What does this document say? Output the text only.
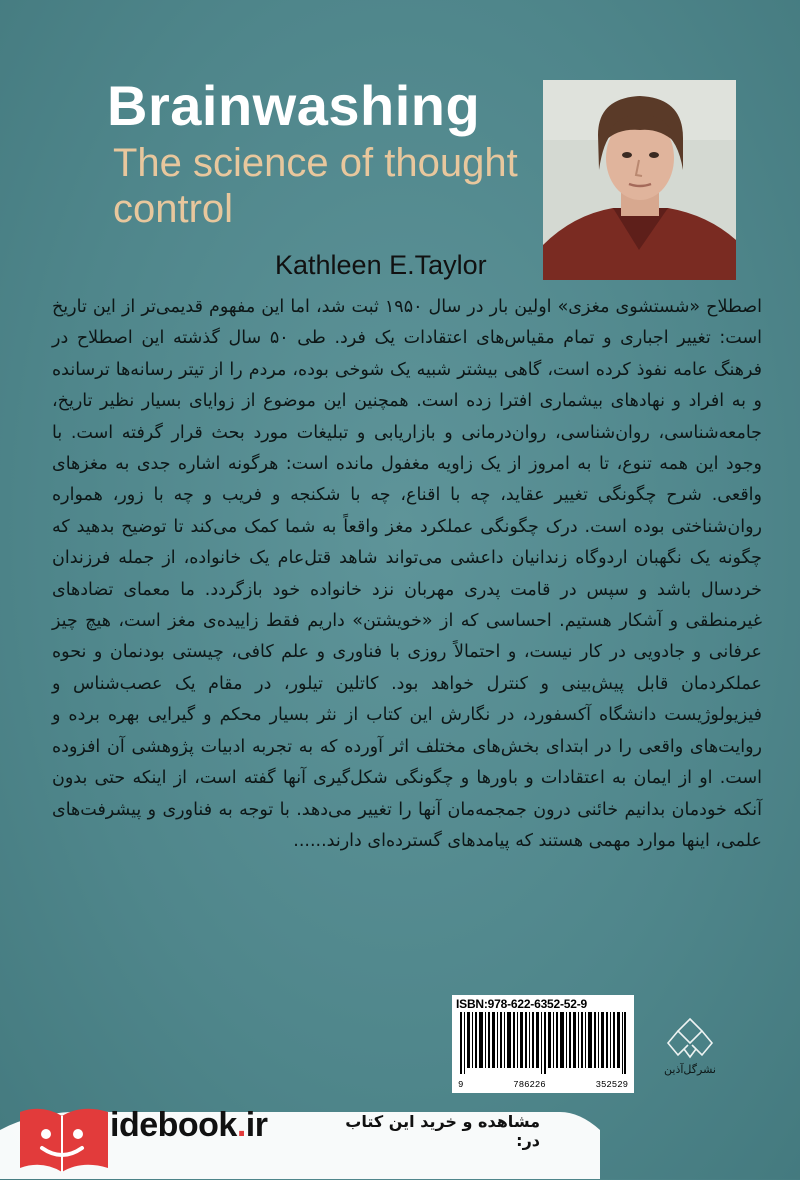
Brainwashing

The science of thought control

Kathleen E.Taylor

اصطلاح «شستشوی مغزی» اولین بار در سال ۱۹۵۰ ثبت شد، اما این مفهوم قدیمی‌تر از این تاریخ است: تغییر اجباری و تمام مقیاس‌های اعتقادات یک فرد. طی ۵۰ سال گذشته این اصطلاح در فرهنگ عامه نفوذ کرده است، گاهی بیشتر شبیه یک شوخی بوده، مردم را از تیتر رسانه‌ها ترسانده و به افراد و نهادهای بیشماری افترا زده است. همچنین این موضوع از زوایای بسیار نظیر تاریخ، جامعه‌شناسی، روان‌شناسی، روان‌درمانی و بازاریابی و تبلیغات مورد بحث قرار گرفته است. با وجود این همه تنوع، تا به امروز از یک زاویه مغفول مانده است: هرگونه اشاره جدی به مغزهای واقعی. شرح چگونگی تغییر عقاید، چه با اقناع، چه با شکنجه و فریب و چه با زور، همواره روان‌شناختی بوده است. درک چگونگی عملکرد مغز واقعاً به شما کمک می‌کند تا توضیح بدهید که چگونه یک نگهبان اردوگاه زندانیان داعشی می‌تواند شاهد قتل‌عام یک خانواده، از جمله فرزندان خردسال باشد و سپس در قامت پدری مهربان نزد خانواده خود بازگردد. ما معمای تضادهای غیرمنطقی و آشکار هستیم. احساسی که از «خویشتن» داریم فقط زاییده‌ی مغز است، هیچ چیز عرفانی و جادویی در کار نیست، و احتمالاً روزی با فناوری و علم کافی، چیستی بودنمان و نحوه عملکردمان قابل پیش‌بینی و کنترل خواهد بود. کاتلین تیلور، در مقام یک عصب‌شناس و فیزیولوژیست دانشگاه آکسفورد، در نگارش این کتاب از نثر بسیار محکم و گیرایی بهره برده و روایت‌های واقعی را در ابتدای بخش‌های مختلف اثر آورده که به تجربه ادبیات پژوهشی آن افزوده است. او از ایمان به اعتقادات و باورها و چگونگی شکل‌گیری آنها گفته است، از اینکه حتی بدون آنکه خودمان بدانیم خائنی درون جمجمه‌مان آنها را تغییر می‌دهد. با توجه به فناوری و پیشرفت‌های علمی، اینها موارد مهمی هستند که پیامدهای گسترده‌ای دارند......

ISBN:978-622-6352-52-9
9	786226	352529
نشرگل‌آذین

idebook.ir	مشاهده و خرید این کتاب در:
